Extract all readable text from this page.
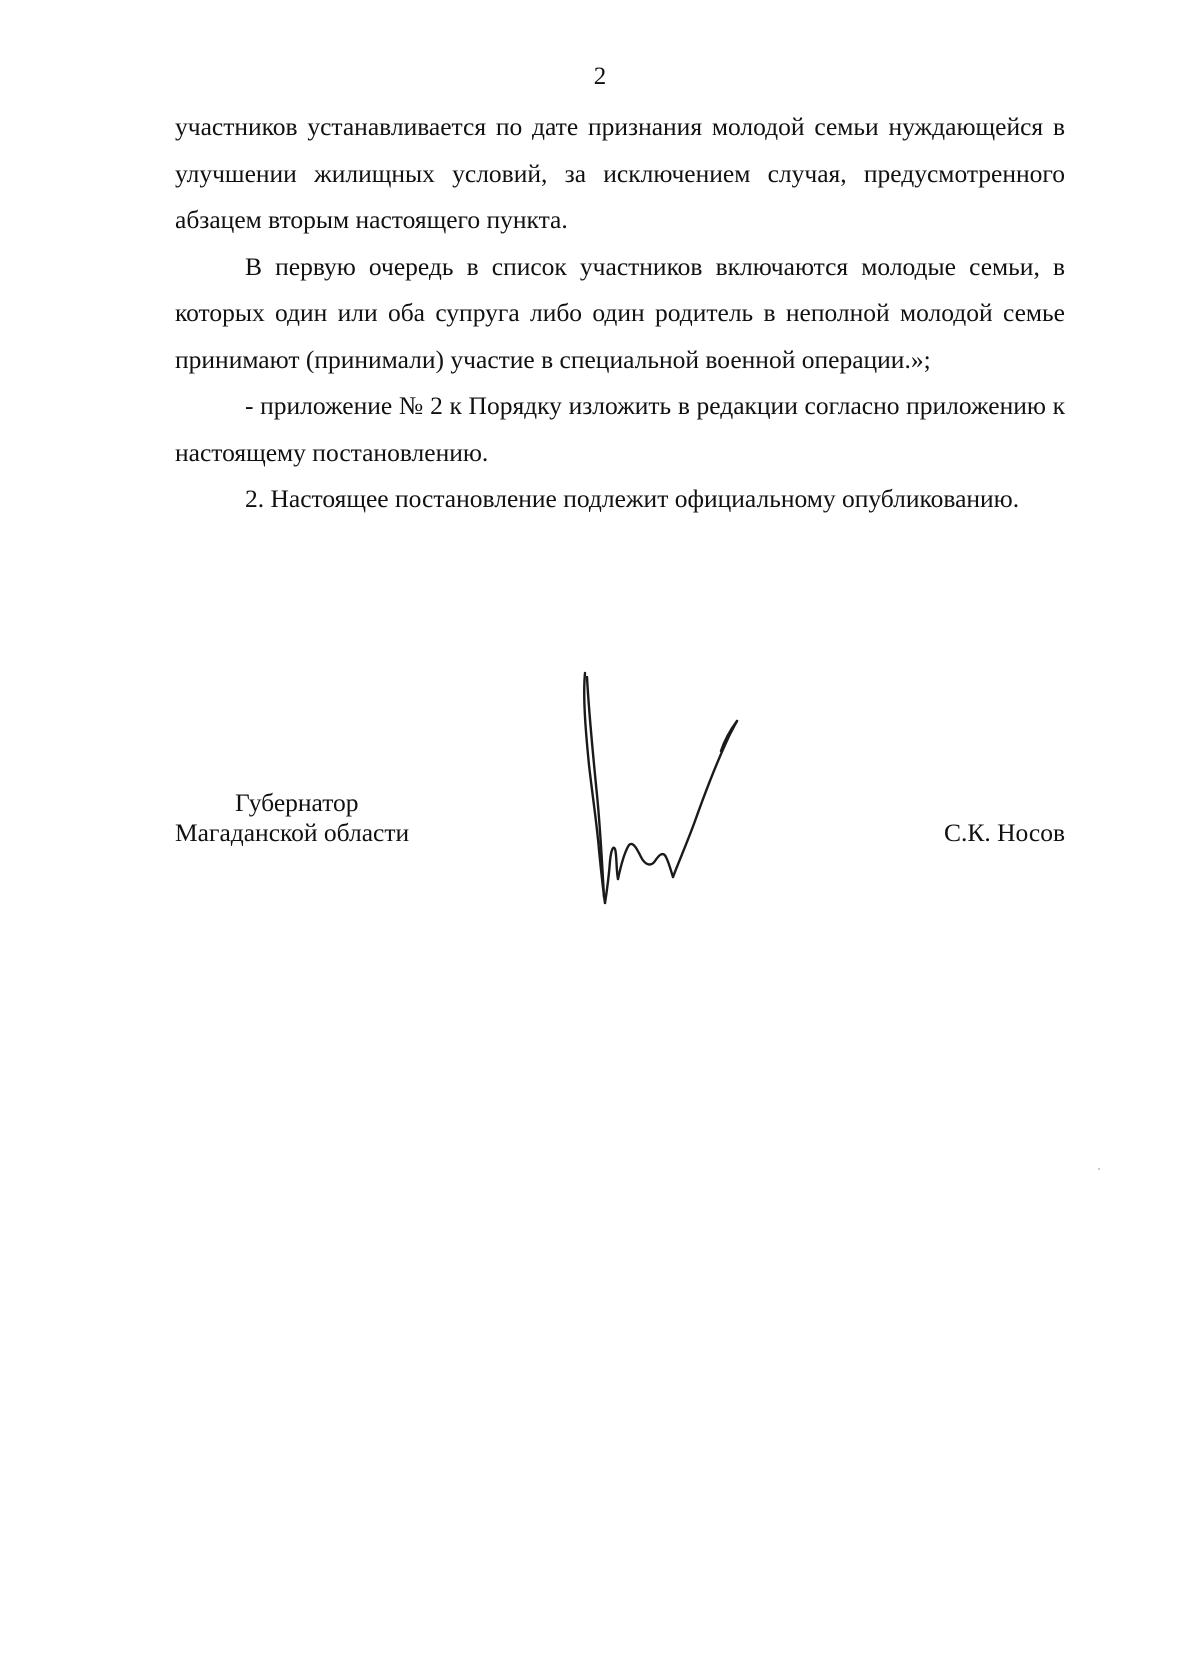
2

участников устанавливается по дате признания молодой семьи нуждающейся в улучшении жилищных условий, за исключением случая, предусмотренного абзацем вторым настоящего пункта.

В первую очередь в список участников включаются молодые семьи, в которых один или оба супруга либо один родитель в неполной молодой семье принимают (принимали) участие в специальной военной операции.»;

- приложение № 2 к Порядку изложить в редакции согласно приложению к настоящему постановлению.

2. Настоящее постановление подлежит официальному опубликованию.

Губернатор
Магаданской области	С.К. Носов
